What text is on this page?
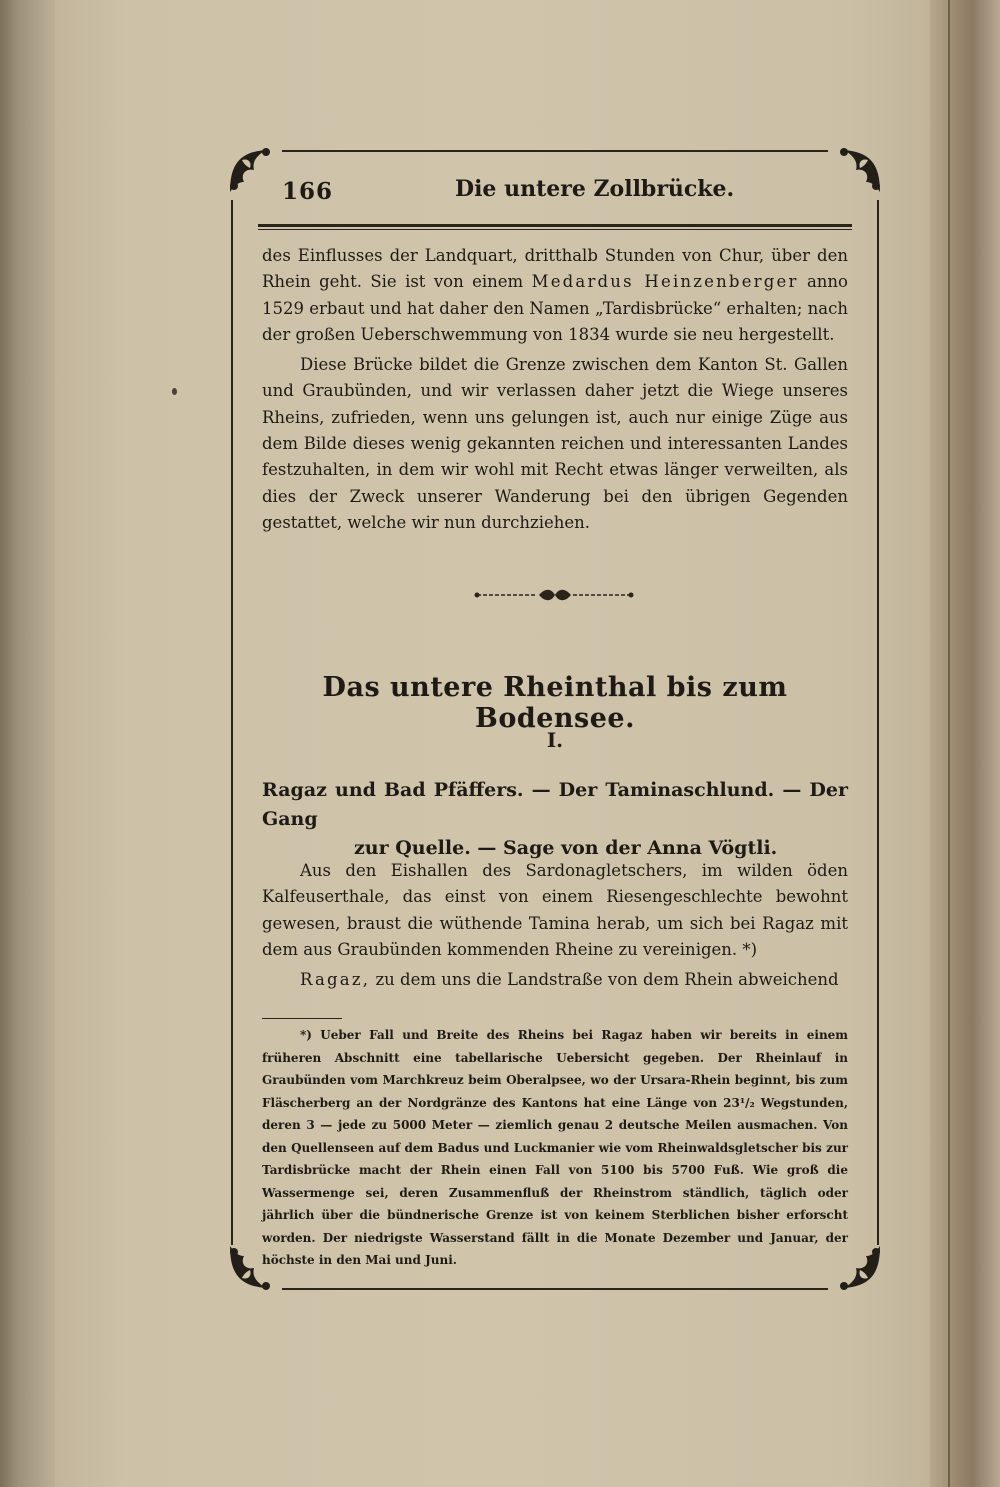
166	Die untere Zollbrücke.

des Einflusses der Landquart, dritthalb Stunden von Chur, über den Rhein geht. Sie ist von einem Medardus Heinzenberger anno 1529 erbaut und hat daher den Namen „Tardisbrücke“ erhalten; nach der großen Ueberschwemmung von 1834 wurde sie neu hergestellt.

Diese Brücke bildet die Grenze zwischen dem Kanton St. Gallen und Graubünden, und wir verlassen daher jetzt die Wiege unseres Rheins, zufrieden, wenn uns gelungen ist, auch nur einige Züge aus dem Bilde dieses wenig gekannten reichen und interessanten Landes festzuhalten, in dem wir wohl mit Recht etwas länger verweilten, als dies der Zweck unserer Wanderung bei den übrigen Gegenden gestattet, welche wir nun durchziehen.

Das untere Rheinthal bis zum Bodensee.
I.
Ragaz und Bad Pfäffers. — Der Taminaschlund. — Der Gang
zur Quelle. — Sage von der Anna Vögtli.

Aus den Eishallen des Sardonagletschers, im wilden öden Kalfeuserthale, das einst von einem Riesengeschlechte bewohnt gewesen, braust die wüthende Tamina herab, um sich bei Ragaz mit dem aus Graubünden kommenden Rheine zu vereinigen. *)

Ragaz, zu dem uns die Landstraße von dem Rhein abweichend

*) Ueber Fall und Breite des Rheins bei Ragaz haben wir bereits in einem früheren Abschnitt eine tabellarische Uebersicht gegeben. Der Rheinlauf in Graubünden vom Marchkreuz beim Oberalpsee, wo der Ursara-Rhein beginnt, bis zum Fläscherberg an der Nordgränze des Kantons hat eine Länge von 23¹/₂ Wegstunden, deren 3 — jede zu 5000 Meter — ziemlich genau 2 deutsche Meilen ausmachen. Von den Quellenseen auf dem Badus und Luckmanier wie vom Rheinwaldsgletscher bis zur Tardisbrücke macht der Rhein einen Fall von 5100 bis 5700 Fuß. Wie groß die Wassermenge sei, deren Zusammenfluß der Rheinstrom ständlich, täglich oder jährlich über die bündnerische Grenze ist von keinem Sterblichen bisher erforscht worden. Der niedrigste Wasserstand fällt in die Monate Dezember und Januar, der höchste in den Mai und Juni.
